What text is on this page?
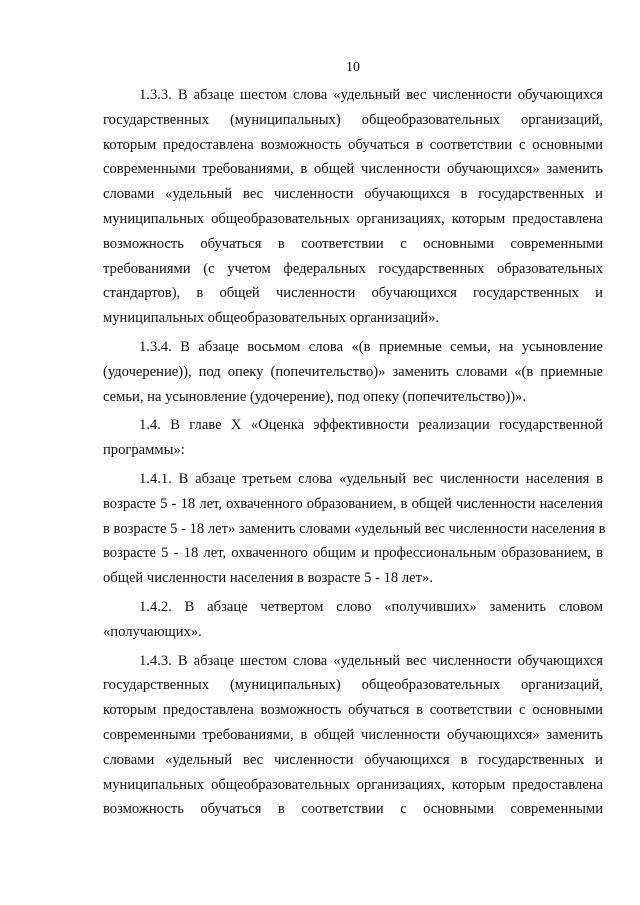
10

1.3.3. В абзаце шестом слова «удельный вес численности обучающихся
государственных (муниципальных) общеобразовательных организаций,
которым предоставлена возможность обучаться в соответствии с основными
современными требованиями, в общей численности обучающихся» заменить
словами «удельный вес численности обучающихся в государственных и
муниципальных общеобразовательных организациях, которым предоставлена
возможность обучаться в соответствии с основными современными
требованиями (с учетом федеральных государственных образовательных
стандартов), в общей численности обучающихся государственных и
муниципальных общеобразовательных организаций».

1.3.4. В абзаце восьмом слова «(в приемные семьи, на усыновление
(удочерение)), под опеку (попечительство)» заменить словами «(в приемные
семьи, на усыновление (удочерение), под опеку (попечительство))».

1.4. В главе X «Оценка эффективности реализации государственной
программы»:

1.4.1. В абзаце третьем слова «удельный вес численности населения в
возрасте 5 - 18 лет, охваченного образованием, в общей численности населения
в возрасте 5 - 18 лет» заменить словами «удельный вес численности населения в
возрасте 5 - 18 лет, охваченного общим и профессиональным образованием, в
общей численности населения в возрасте 5 - 18 лет».

1.4.2. В абзаце четвертом слово «получивших» заменить словом
«получающих».

1.4.3. В абзаце шестом слова «удельный вес численности обучающихся
государственных (муниципальных) общеобразовательных организаций,
которым предоставлена возможность обучаться в соответствии с основными
современными требованиями, в общей численности обучающихся» заменить
словами «удельный вес численности обучающихся в государственных и
муниципальных общеобразовательных организациях, которым предоставлена
возможность обучаться в соответствии с основными современными
